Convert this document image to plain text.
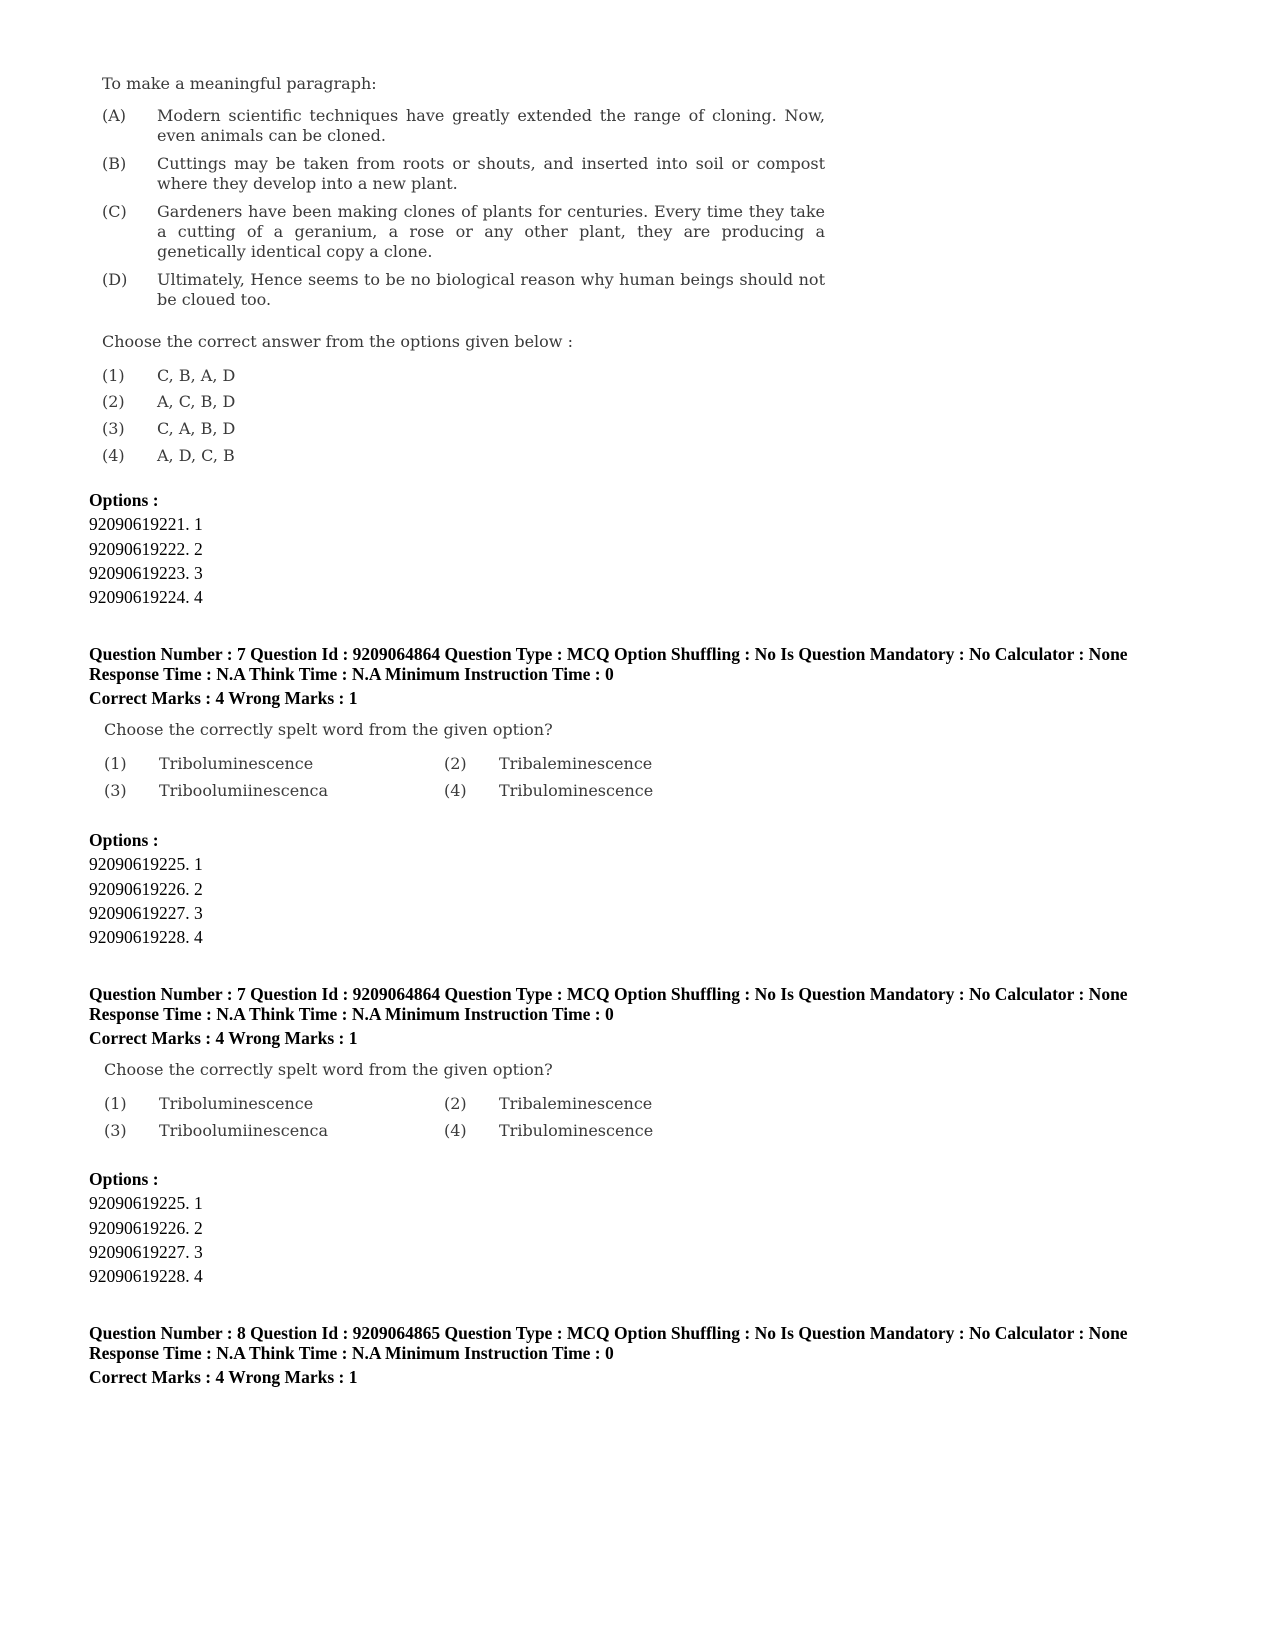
To make a meaningful paragraph:
(A) Modern scientific techniques have greatly extended the range of cloning. Now, even animals can be cloned.
(B) Cuttings may be taken from roots or shouts, and inserted into soil or compost where they develop into a new plant.
(C) Gardeners have been making clones of plants for centuries. Every time they take a cutting of a geranium, a rose or any other plant, they are producing a genetically identical copy a clone.
(D) Ultimately, Hence seems to be no biological reason why human beings should not be cloued too.
Choose the correct answer from the options given below :
(1) C, B, A, D
(2) A, C, B, D
(3) C, A, B, D
(4) A, D, C, B
Options :
92090619221. 1
92090619222. 2
92090619223. 3
92090619224. 4
Question Number : 7 Question Id : 9209064864 Question Type : MCQ Option Shuffling : No Is Question Mandatory : No Calculator : None
Response Time : N.A Think Time : N.A Minimum Instruction Time : 0
Correct Marks : 4 Wrong Marks : 1
Choose the correctly spelt word from the given option?
(1) Triboluminescence	(2) Tribaleminescence
(3) Triboolumiinescenca	(4) Tribulominescence
Options :
92090619225. 1
92090619226. 2
92090619227. 3
92090619228. 4
Question Number : 7 Question Id : 9209064864 Question Type : MCQ Option Shuffling : No Is Question Mandatory : No Calculator : None
Response Time : N.A Think Time : N.A Minimum Instruction Time : 0
Correct Marks : 4 Wrong Marks : 1
Choose the correctly spelt word from the given option?
(1) Triboluminescence	(2) Tribaleminescence
(3) Triboolumiinescenca	(4) Tribulominescence
Options :
92090619225. 1
92090619226. 2
92090619227. 3
92090619228. 4
Question Number : 8 Question Id : 9209064865 Question Type : MCQ Option Shuffling : No Is Question Mandatory : No Calculator : None
Response Time : N.A Think Time : N.A Minimum Instruction Time : 0
Correct Marks : 4 Wrong Marks : 1
